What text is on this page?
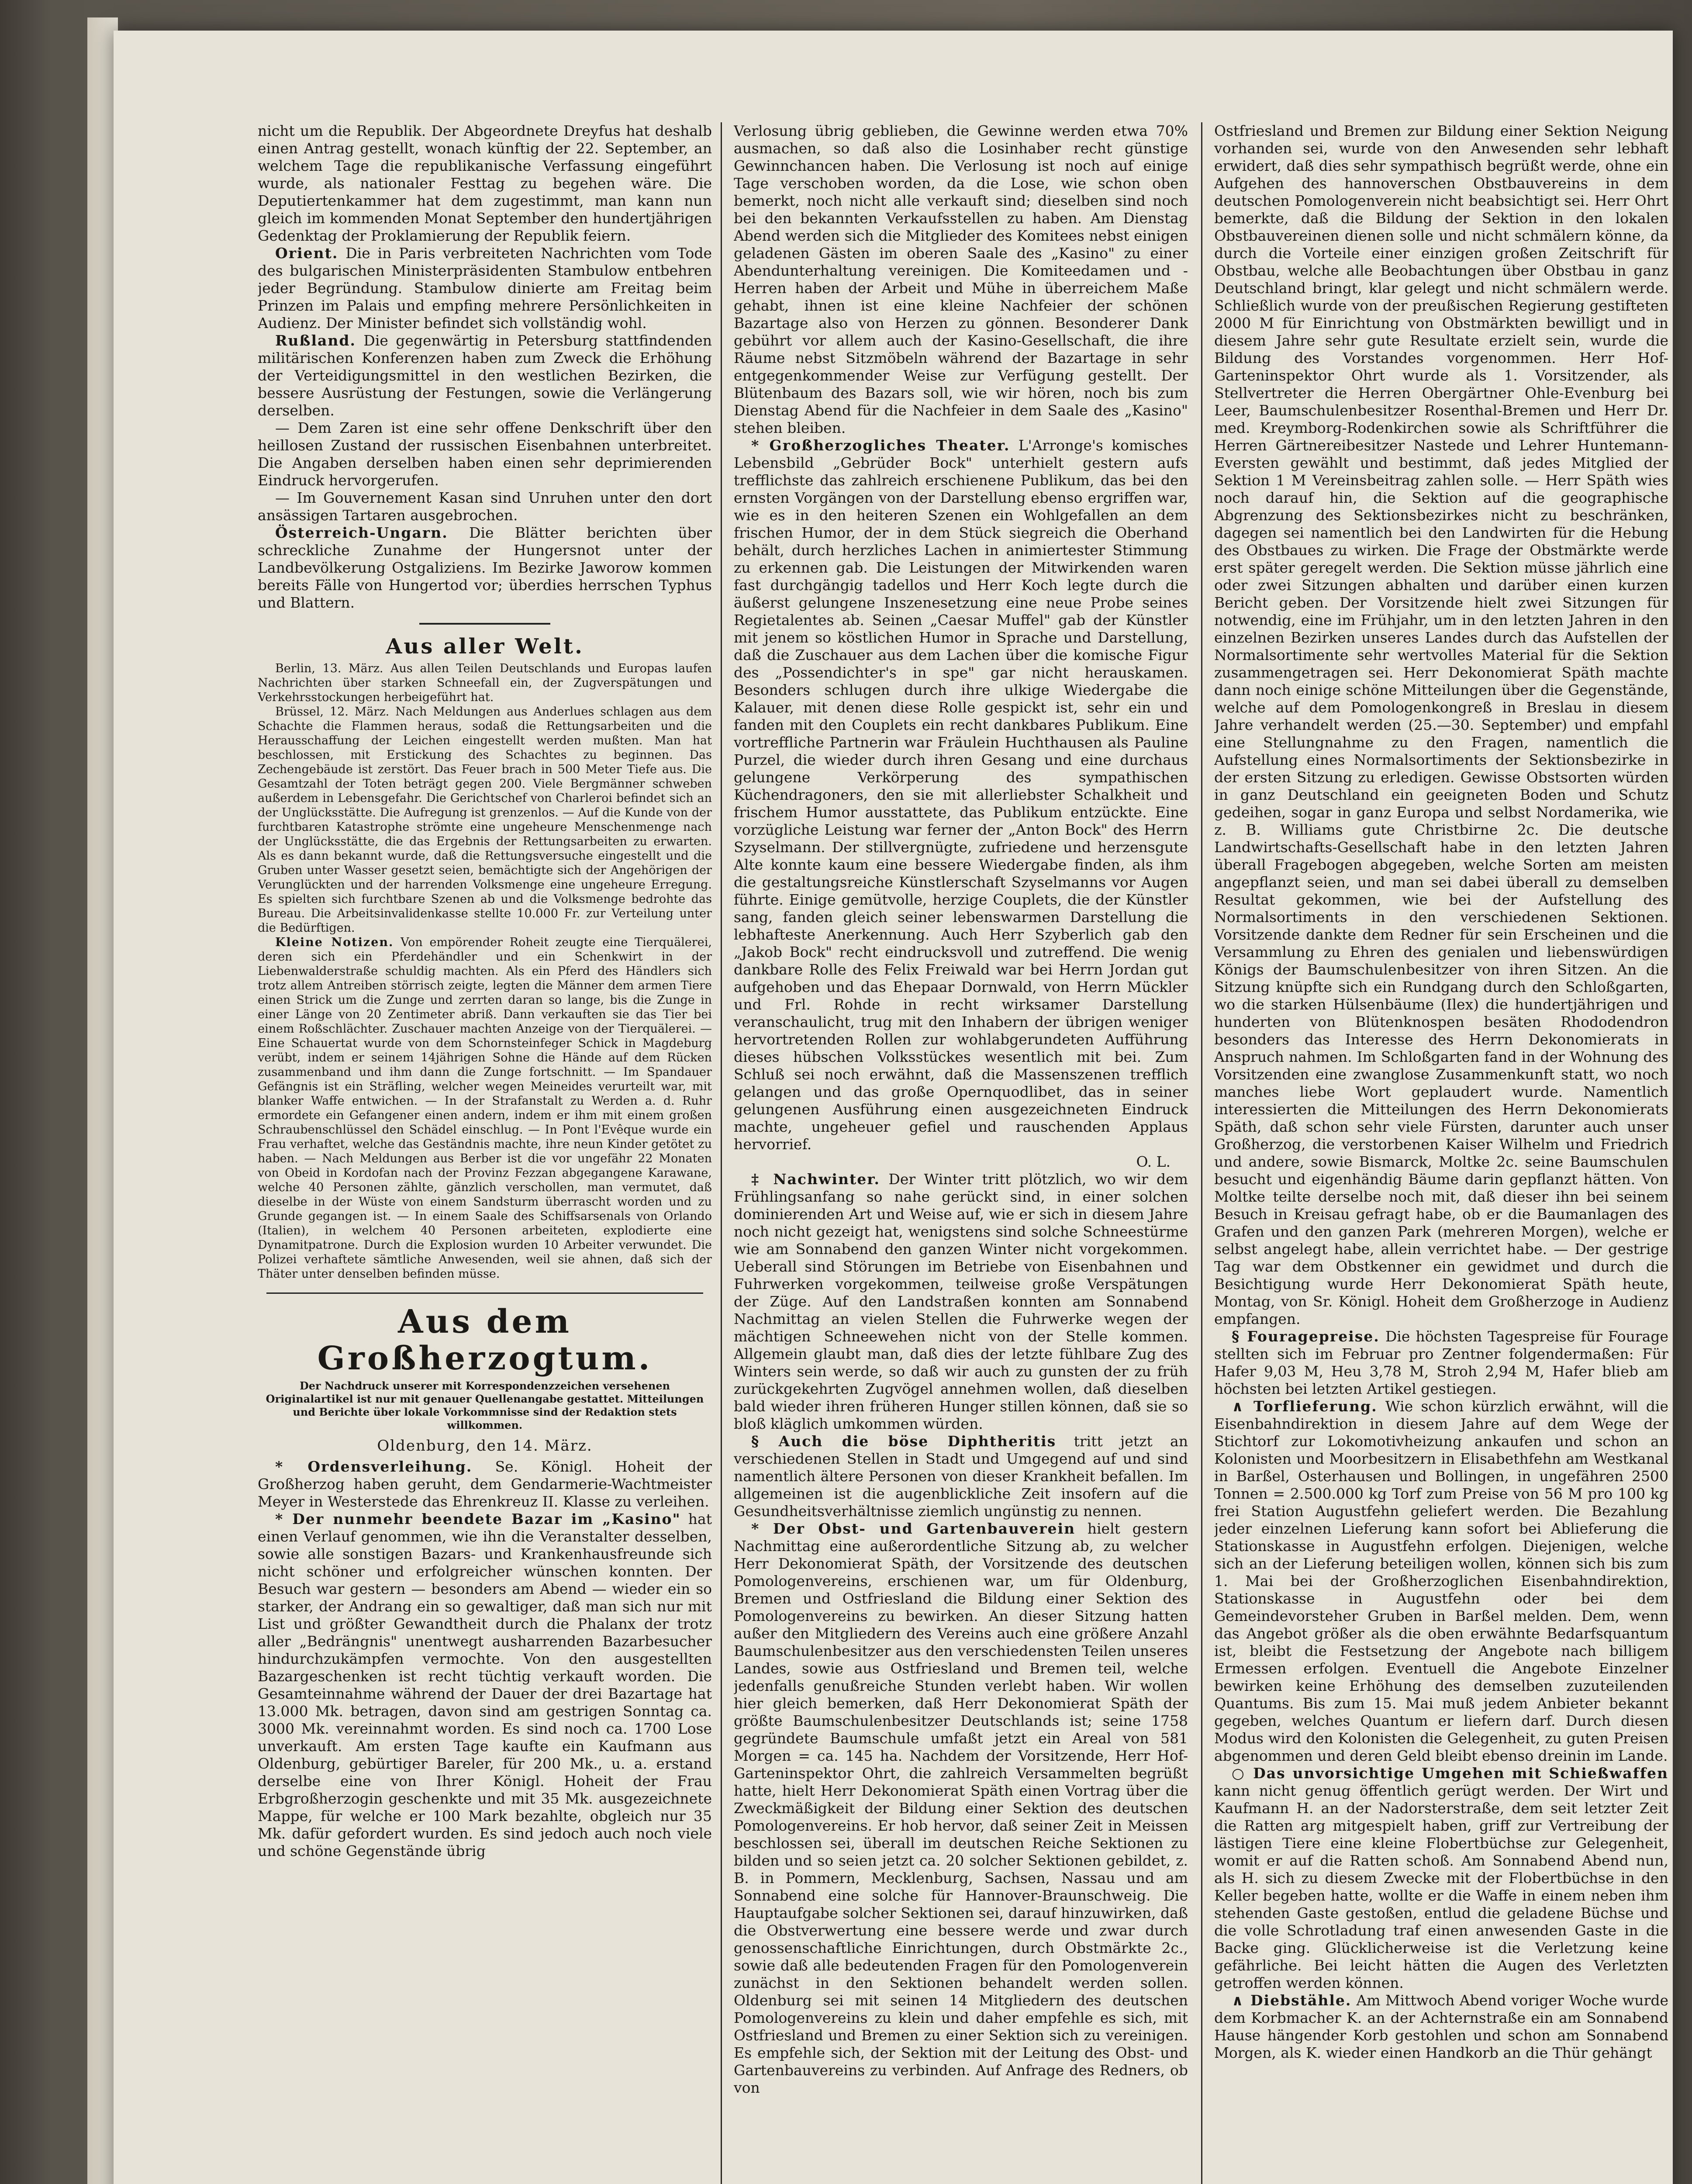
nicht um die Republik. Der Abgeordnete Dreyfus hat deshalb einen Antrag gestellt, wonach künftig der 22. September, an welchem Tage die republikanische Verfassung eingeführt wurde, als nationaler Festtag zu begehen wäre. Die Deputiertenkammer hat dem zugestimmt, man kann nun gleich im kommenden Monat September den hundertjährigen Gedenktag der Proklamierung der Republik feiern.

Orient. Die in Paris verbreiteten Nachrichten vom Tode des bulgarischen Ministerpräsidenten Stambulow entbehren jeder Begründung. Stambulow dinierte am Freitag beim Prinzen im Palais und empfing mehrere Persönlichkeiten in Audienz. Der Minister befindet sich vollständig wohl.

Rußland. Die gegenwärtig in Petersburg stattfindenden militärischen Konferenzen haben zum Zweck die Erhöhung der Verteidigungsmittel in den westlichen Bezirken, die bessere Ausrüstung der Festungen, sowie die Verlängerung derselben.

— Dem Zaren ist eine sehr offene Denkschrift über den heillosen Zustand der russischen Eisenbahnen unterbreitet. Die Angaben derselben haben einen sehr deprimierenden Eindruck hervorgerufen.

— Im Gouvernement Kasan sind Unruhen unter den dort ansässigen Tartaren ausgebrochen.

Österreich-Ungarn. Die Blätter berichten über schreckliche Zunahme der Hungersnot unter der Landbevölkerung Ostgaliziens. Im Bezirke Jaworow kommen bereits Fälle von Hungertod vor; überdies herrschen Typhus und Blattern.

Aus aller Welt.

Berlin, 13. März. Aus allen Teilen Deutschlands und Europas laufen Nachrichten über starken Schneefall ein, der Zugverspätungen und Verkehrsstockungen herbeigeführt hat.

Brüssel, 12. März. Nach Meldungen aus Anderlues schlagen aus dem Schachte die Flammen heraus, sodaß die Rettungsarbeiten und die Herausschaffung der Leichen eingestellt werden mußten. Man hat beschlossen, mit Erstickung des Schachtes zu beginnen. Das Zechengebäude ist zerstört. Das Feuer brach in 500 Meter Tiefe aus. Die Gesamtzahl der Toten beträgt gegen 200. Viele Bergmänner schweben außerdem in Lebensgefahr. Die Gerichtschef von Charleroi befindet sich an der Unglücksstätte. Die Aufregung ist grenzenlos. — Auf die Kunde von der furchtbaren Katastrophe strömte eine ungeheure Menschenmenge nach der Unglücksstätte, die das Ergebnis der Rettungsarbeiten zu erwarten. Als es dann bekannt wurde, daß die Rettungsversuche eingestellt und die Gruben unter Wasser gesetzt seien, bemächtigte sich der Angehörigen der Verunglückten und der harrenden Volksmenge eine ungeheure Erregung. Es spielten sich furchtbare Szenen ab und die Volksmenge bedrohte das Bureau. Die Arbeitsinvalidenkasse stellte 10.000 Fr. zur Verteilung unter die Bedürftigen.

Kleine Notizen. Von empörender Roheit zeugte eine Tierquälerei, deren sich ein Pferdehändler und ein Schenkwirt in der Liebenwalderstraße schuldig machten. Als ein Pferd des Händlers sich trotz allem Antreiben störrisch zeigte, legten die Männer dem armen Tiere einen Strick um die Zunge und zerrten daran so lange, bis die Zunge in einer Länge von 20 Zentimeter abriß. Dann verkauften sie das Tier bei einem Roßschlächter. Zuschauer machten Anzeige von der Tierquälerei. — Eine Schauertat wurde von dem Schornsteinfeger Schick in Magdeburg verübt, indem er seinem 14jährigen Sohne die Hände auf dem Rücken zusammenband und ihm dann die Zunge fortschnitt. — Im Spandauer Gefängnis ist ein Sträfling, welcher wegen Meineides verurteilt war, mit blanker Waffe entwichen. — In der Strafanstalt zu Werden a. d. Ruhr ermordete ein Gefangener einen andern, indem er ihm mit einem großen Schraubenschlüssel den Schädel einschlug. — In Pont l'Evêque wurde ein Frau verhaftet, welche das Geständnis machte, ihre neun Kinder getötet zu haben. — Nach Meldungen aus Berber ist die vor ungefähr 22 Monaten von Obeid in Kordofan nach der Provinz Fezzan abgegangene Karawane, welche 40 Personen zählte, gänzlich verschollen, man vermutet, daß dieselbe in der Wüste von einem Sandsturm überrascht worden und zu Grunde gegangen ist. — In einem Saale des Schiffsarsenals von Orlando (Italien), in welchem 40 Personen arbeiteten, explodierte eine Dynamitpatrone. Durch die Explosion wurden 10 Arbeiter verwundet. Die Polizei verhaftete sämtliche Anwesenden, weil sie ahnen, daß sich der Thäter unter denselben befinden müsse.

Aus dem Großherzogtum.
Der Nachdruck unserer mit Korrespondenzzeichen versehenen Originalartikel ist nur mit genauer Quellenangabe gestattet. Mitteilungen und Berichte über lokale Vorkommnisse sind der Redaktion stets willkommen.
Oldenburg, den 14. März.

* Ordensverleihung. Se. Königl. Hoheit der Großherzog haben geruht, dem Gendarmerie-Wachtmeister Meyer in Westerstede das Ehrenkreuz II. Klasse zu verleihen.

* Der nunmehr beendete Bazar im „Kasino" hat einen Verlauf genommen, wie ihn die Veranstalter desselben, sowie alle sonstigen Bazars- und Krankenhausfreunde sich nicht schöner und erfolgreicher wünschen konnten. Der Besuch war gestern — besonders am Abend — wieder ein so starker, der Andrang ein so gewaltiger, daß man sich nur mit List und größter Gewandtheit durch die Phalanx der trotz aller „Bedrängnis" unentwegt ausharrenden Bazarbesucher hindurchzukämpfen vermochte. Von den ausgestellten Bazargeschenken ist recht tüchtig verkauft worden. Die Gesamteinnahme während der Dauer der drei Bazartage hat 13.000 Mk. betragen, davon sind am gestrigen Sonntag ca. 3000 Mk. vereinnahmt worden. Es sind noch ca. 1700 Lose unverkauft. Am ersten Tage kaufte ein Kaufmann aus Oldenburg, gebürtiger Bareler, für 200 Mk., u. a. erstand derselbe eine von Ihrer Königl. Hoheit der Frau Erbgroßherzogin geschenkte und mit 35 Mk. ausgezeichnete Mappe, für welche er 100 Mark bezahlte, obgleich nur 35 Mk. dafür gefordert wurden. Es sind jedoch auch noch viele und schöne Gegenstände übrig

Verlosung übrig geblieben, die Gewinne werden etwa 70% ausmachen, so daß also die Losinhaber recht günstige Gewinnchancen haben. Die Verlosung ist noch auf einige Tage verschoben worden, da die Lose, wie schon oben bemerkt, noch nicht alle verkauft sind; dieselben sind noch bei den bekannten Verkaufsstellen zu haben. Am Dienstag Abend werden sich die Mitglieder des Komitees nebst einigen geladenen Gästen im oberen Saale des „Kasino" zu einer Abendunterhaltung vereinigen. Die Komiteedamen und -Herren haben der Arbeit und Mühe in überreichem Maße gehabt, ihnen ist eine kleine Nachfeier der schönen Bazartage also von Herzen zu gönnen. Besonderer Dank gebührt vor allem auch der Kasino-Gesellschaft, die ihre Räume nebst Sitzmöbeln während der Bazartage in sehr entgegenkommender Weise zur Verfügung gestellt. Der Blütenbaum des Bazars soll, wie wir hören, noch bis zum Dienstag Abend für die Nachfeier in dem Saale des „Kasino" stehen bleiben.

* Großherzogliches Theater. L'Arronge's komisches Lebensbild „Gebrüder Bock" unterhielt gestern aufs trefflichste das zahlreich erschienene Publikum, das bei den ernsten Vorgängen von der Darstellung ebenso ergriffen war, wie es in den heiteren Szenen ein Wohlgefallen an dem frischen Humor, der in dem Stück siegreich die Oberhand behält, durch herzliches Lachen in animiertester Stimmung zu erkennen gab. Die Leistungen der Mitwirkenden waren fast durchgängig tadellos und Herr Koch legte durch die äußerst gelungene Inszenesetzung eine neue Probe seines Regietalentes ab. Seinen „Caesar Muffel" gab der Künstler mit jenem so köstlichen Humor in Sprache und Darstellung, daß die Zuschauer aus dem Lachen über die komische Figur des „Possendichter's in spe" gar nicht herauskamen. Besonders schlugen durch ihre ulkige Wiedergabe die Kalauer, mit denen diese Rolle gespickt ist, sehr ein und fanden mit den Couplets ein recht dankbares Publikum. Eine vortreffliche Partnerin war Fräulein Huchthausen als Pauline Purzel, die wieder durch ihren Gesang und eine durchaus gelungene Verkörperung des sympathischen Küchendragoners, den sie mit allerliebster Schalkheit und frischem Humor ausstattete, das Publikum entzückte. Eine vorzügliche Leistung war ferner der „Anton Bock" des Herrn Szyselmann. Der stillvergnügte, zufriedene und herzensgute Alte konnte kaum eine bessere Wiedergabe finden, als ihm die gestaltungsreiche Künstlerschaft Szyselmanns vor Augen führte. Einige gemütvolle, herzige Couplets, die der Künstler sang, fanden gleich seiner lebenswarmen Darstellung die lebhafteste Anerkennung. Auch Herr Szyberlich gab den „Jakob Bock" recht eindrucksvoll und zutreffend. Die wenig dankbare Rolle des Felix Freiwald war bei Herrn Jordan gut aufgehoben und das Ehepaar Dornwald, von Herrn Mückler und Frl. Rohde in recht wirksamer Darstellung veranschaulicht, trug mit den Inhabern der übrigen weniger hervortretenden Rollen zur wohlabgerundeten Aufführung dieses hübschen Volksstückes wesentlich mit bei. Zum Schluß sei noch erwähnt, daß die Massenszenen trefflich gelangen und das große Opernquodlibet, das in seiner gelungenen Ausführung einen ausgezeichneten Eindruck machte, ungeheuer gefiel und rauschenden Applaus hervorrief.

O. L.

‡ Nachwinter. Der Winter tritt plötzlich, wo wir dem Frühlingsanfang so nahe gerückt sind, in einer solchen dominierenden Art und Weise auf, wie er sich in diesem Jahre noch nicht gezeigt hat, wenigstens sind solche Schneestürme wie am Sonnabend den ganzen Winter nicht vorgekommen. Ueberall sind Störungen im Betriebe von Eisenbahnen und Fuhrwerken vorgekommen, teilweise große Verspätungen der Züge. Auf den Landstraßen konnten am Sonnabend Nachmittag an vielen Stellen die Fuhrwerke wegen der mächtigen Schneewehen nicht von der Stelle kommen. Allgemein glaubt man, daß dies der letzte fühlbare Zug des Winters sein werde, so daß wir auch zu gunsten der zu früh zurückgekehrten Zugvögel annehmen wollen, daß dieselben bald wieder ihren früheren Hunger stillen können, daß sie so bloß kläglich umkommen würden.

§ Auch die böse Diphtheritis tritt jetzt an verschiedenen Stellen in Stadt und Umgegend auf und sind namentlich ältere Personen von dieser Krankheit befallen. Im allgemeinen ist die augenblickliche Zeit insofern auf die Gesundheitsverhältnisse ziemlich ungünstig zu nennen.

* Der Obst- und Gartenbauverein hielt gestern Nachmittag eine außerordentliche Sitzung ab, zu welcher Herr Dekonomierat Späth, der Vorsitzende des deutschen Pomologenvereins, erschienen war, um für Oldenburg, Bremen und Ostfriesland die Bildung einer Sektion des Pomologenvereins zu bewirken. An dieser Sitzung hatten außer den Mitgliedern des Vereins auch eine größere Anzahl Baumschulenbesitzer aus den verschiedensten Teilen unseres Landes, sowie aus Ostfriesland und Bremen teil, welche jedenfalls genußreiche Stunden verlebt haben. Wir wollen hier gleich bemerken, daß Herr Dekonomierat Späth der größte Baumschulenbesitzer Deutschlands ist; seine 1758 gegründete Baumschule umfaßt jetzt ein Areal von 581 Morgen = ca. 145 ha. Nachdem der Vorsitzende, Herr Hof-Garteninspektor Ohrt, die zahlreich Versammelten begrüßt hatte, hielt Herr Dekonomierat Späth einen Vortrag über die Zweckmäßigkeit der Bildung einer Sektion des deutschen Pomologenvereins. Er hob hervor, daß seiner Zeit in Meissen beschlossen sei, überall im deutschen Reiche Sektionen zu bilden und so seien jetzt ca. 20 solcher Sektionen gebildet, z. B. in Pommern, Mecklenburg, Sachsen, Nassau und am Sonnabend eine solche für Hannover-Braunschweig. Die Hauptaufgabe solcher Sektionen sei, darauf hinzuwirken, daß die Obstverwertung eine bessere werde und zwar durch genossenschaftliche Einrichtungen, durch Obstmärkte 2c., sowie daß alle bedeutenden Fragen für den Pomologenverein zunächst in den Sektionen behandelt werden sollen. Oldenburg sei mit seinen 14 Mitgliedern des deutschen Pomologenvereins zu klein und daher empfehle es sich, mit Ostfriesland und Bremen zu einer Sektion sich zu vereinigen. Es empfehle sich, der Sektion mit der Leitung des Obst- und Gartenbauvereins zu verbinden. Auf Anfrage des Redners, ob von

Ostfriesland und Bremen zur Bildung einer Sektion Neigung vorhanden sei, wurde von den Anwesenden sehr lebhaft erwidert, daß dies sehr sympathisch begrüßt werde, ohne ein Aufgehen des hannoverschen Obstbauvereins in dem deutschen Pomologenverein nicht beabsichtigt sei. Herr Ohrt bemerkte, daß die Bildung der Sektion in den lokalen Obstbauvereinen dienen solle und nicht schmälern könne, da durch die Vorteile einer einzigen großen Zeitschrift für Obstbau, welche alle Beobachtungen über Obstbau in ganz Deutschland bringt, klar gelegt und nicht schmälern werde. Schließlich wurde von der preußischen Regierung gestifteten 2000 M für Einrichtung von Obstmärkten bewilligt und in diesem Jahre sehr gute Resultate erzielt sein, wurde die Bildung des Vorstandes vorgenommen. Herr Hof-Garteninspektor Ohrt wurde als 1. Vorsitzender, als Stellvertreter die Herren Obergärtner Ohle-Evenburg bei Leer, Baumschulenbesitzer Rosenthal-Bremen und Herr Dr. med. Kreymborg-Rodenkirchen sowie als Schriftführer die Herren Gärtnereibesitzer Nastede und Lehrer Huntemann-Eversten gewählt und bestimmt, daß jedes Mitglied der Sektion 1 M Vereinsbeitrag zahlen solle. — Herr Späth wies noch darauf hin, die Sektion auf die geographische Abgrenzung des Sektionsbezirkes nicht zu beschränken, dagegen sei namentlich bei den Landwirten für die Hebung des Obstbaues zu wirken. Die Frage der Obstmärkte werde erst später geregelt werden. Die Sektion müsse jährlich eine oder zwei Sitzungen abhalten und darüber einen kurzen Bericht geben. Der Vorsitzende hielt zwei Sitzungen für notwendig, eine im Frühjahr, um in den letzten Jahren in den einzelnen Bezirken unseres Landes durch das Aufstellen der Normalsortimente sehr wertvolles Material für die Sektion zusammengetragen sei. Herr Dekonomierat Späth machte dann noch einige schöne Mitteilungen über die Gegenstände, welche auf dem Pomologenkongreß in Breslau in diesem Jahre verhandelt werden (25.—30. September) und empfahl eine Stellungnahme zu den Fragen, namentlich die Aufstellung eines Normalsortiments der Sektionsbezirke in der ersten Sitzung zu erledigen. Gewisse Obstsorten würden in ganz Deutschland ein geeigneten Boden und Schutz gedeihen, sogar in ganz Europa und selbst Nordamerika, wie z. B. Williams gute Christbirne 2c. Die deutsche Landwirtschafts-Gesellschaft habe in den letzten Jahren überall Fragebogen abgegeben, welche Sorten am meisten angepflanzt seien, und man sei dabei überall zu demselben Resultat gekommen, wie bei der Aufstellung des Normalsortiments in den verschiedenen Sektionen. Vorsitzende dankte dem Redner für sein Erscheinen und die Versammlung zu Ehren des genialen und liebenswürdigen Königs der Baumschulenbesitzer von ihren Sitzen. An die Sitzung knüpfte sich ein Rundgang durch den Schloßgarten, wo die starken Hülsenbäume (Ilex) die hundertjährigen und hunderten von Blütenknospen besäten Rhododendron besonders das Interesse des Herrn Dekonomierats in Anspruch nahmen. Im Schloßgarten fand in der Wohnung des Vorsitzenden eine zwanglose Zusammenkunft statt, wo noch manches liebe Wort geplaudert wurde. Namentlich interessierten die Mitteilungen des Herrn Dekonomierats Späth, daß schon sehr viele Fürsten, darunter auch unser Großherzog, die verstorbenen Kaiser Wilhelm und Friedrich und andere, sowie Bismarck, Moltke 2c. seine Baumschulen besucht und eigenhändig Bäume darin gepflanzt hätten. Von Moltke teilte derselbe noch mit, daß dieser ihn bei seinem Besuch in Kreisau gefragt habe, ob er die Baumanlagen des Grafen und den ganzen Park (mehreren Morgen), welche er selbst angelegt habe, allein verrichtet habe. — Der gestrige Tag war dem Obstkenner ein gewidmet und durch die Besichtigung wurde Herr Dekonomierat Späth heute, Montag, von Sr. Königl. Hoheit dem Großherzoge in Audienz empfangen.

§ Fouragepreise. Die höchsten Tagespreise für Fourage stellten sich im Februar pro Zentner folgendermaßen: Für Hafer 9,03 M, Heu 3,78 M, Stroh 2,94 M, Hafer blieb am höchsten bei letzten Artikel gestiegen.

∧ Torflieferung. Wie schon kürzlich erwähnt, will die Eisenbahndirektion in diesem Jahre auf dem Wege der Stichtorf zur Lokomotivheizung ankaufen und schon an Kolonisten und Moorbesitzern in Elisabethfehn am Westkanal in Barßel, Osterhausen und Bollingen, in ungefähren 2500 Tonnen = 2.500.000 kg Torf zum Preise von 56 M pro 100 kg frei Station Augustfehn geliefert werden. Die Bezahlung jeder einzelnen Lieferung kann sofort bei Ablieferung die Stationskasse in Augustfehn erfolgen. Diejenigen, welche sich an der Lieferung beteiligen wollen, können sich bis zum 1. Mai bei der Großherzoglichen Eisenbahndirektion, Stationskasse in Augustfehn oder bei dem Gemeindevorsteher Gruben in Barßel melden. Dem, wenn das Angebot größer als die oben erwähnte Bedarfsquantum ist, bleibt die Festsetzung der Angebote nach billigem Ermessen erfolgen. Eventuell die Angebote Einzelner bewirken keine Erhöhung des demselben zuzuteilenden Quantums. Bis zum 15. Mai muß jedem Anbieter bekannt gegeben, welches Quantum er liefern darf. Durch diesen Modus wird den Kolonisten die Gelegenheit, zu guten Preisen abgenommen und deren Geld bleibt ebenso dreinin im Lande.

○ Das unvorsichtige Umgehen mit Schießwaffen kann nicht genug öffentlich gerügt werden. Der Wirt und Kaufmann H. an der Nadorsterstraße, dem seit letzter Zeit die Ratten arg mitgespielt haben, griff zur Vertreibung der lästigen Tiere eine kleine Flobertbüchse zur Gelegenheit, womit er auf die Ratten schoß. Am Sonnabend Abend nun, als H. sich zu diesem Zwecke mit der Flobertbüchse in den Keller begeben hatte, wollte er die Waffe in einem neben ihm stehenden Gaste gestoßen, entlud die geladene Büchse und die volle Schrotladung traf einen anwesenden Gaste in die Backe ging. Glücklicherweise ist die Verletzung keine gefährliche. Bei leicht hätten die Augen des Verletzten getroffen werden können.

∧ Diebstähle. Am Mittwoch Abend voriger Woche wurde dem Korbmacher K. an der Achternstraße ein am Sonnabend Hause hängender Korb gestohlen und schon am Sonnabend Morgen, als K. wieder einen Handkorb an die Thür gehängt
